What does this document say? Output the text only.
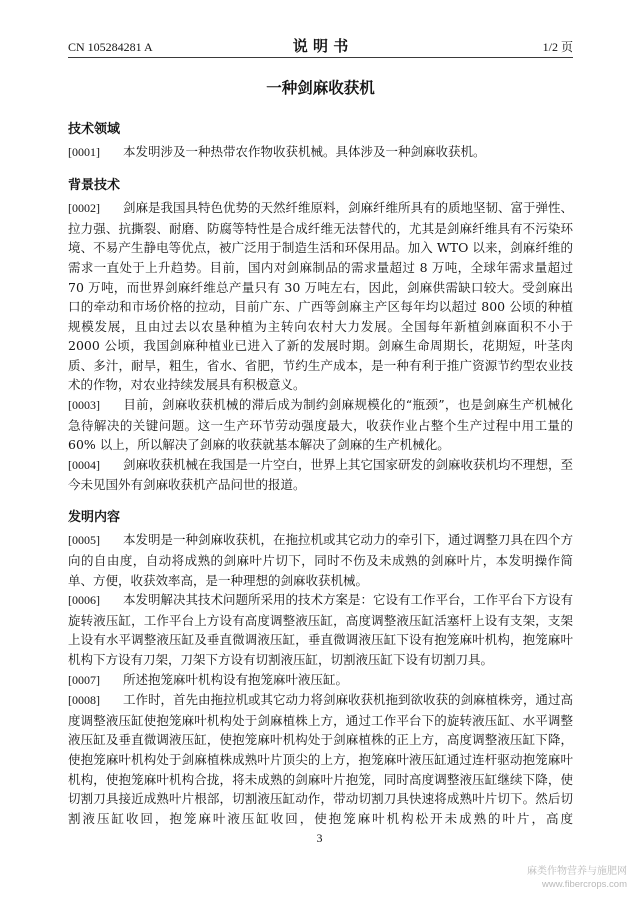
CN 105284281 A	说 明 书	1/2 页
一种剑麻收获机
技术领域

[0001] 本发明涉及一种热带农作物收获机械。具体涉及一种剑麻收获机。

背景技术

[0002] 剑麻是我国具特色优势的天然纤维原料，剑麻纤维所具有的质地坚韧、富于弹性、拉力强、抗撕裂、耐磨、防腐等特性是合成纤维无法替代的，尤其是剑麻纤维具有不污染环境、不易产生静电等优点，被广泛用于制造生活和环保用品。加入 WTO 以来，剑麻纤维的需求一直处于上升趋势。目前，国内对剑麻制品的需求量超过 8 万吨，全球年需求量超过 70 万吨，而世界剑麻纤维总产量只有 30 万吨左右，因此，剑麻供需缺口较大。受剑麻出口的牵动和市场价格的拉动，目前广东、广西等剑麻主产区每年均以超过 800 公顷的种植规模发展，且由过去以农垦种植为主转向农村大力发展。全国每年新植剑麻面积不小于 2000 公顷，我国剑麻种植业已进入了新的发展时期。剑麻生命周期长，花期短，叶茎肉质、多汁，耐旱，粗生，省水、省肥，节约生产成本，是一种有利于推广资源节约型农业技术的作物，对农业持续发展具有积极意义。

[0003] 目前，剑麻收获机械的滞后成为制约剑麻规模化的“瓶颈”，也是剑麻生产机械化急待解决的关键问题。这一生产环节劳动强度最大，收获作业占整个生产过程中用工量的 60% 以上，所以解决了剑麻的收获就基本解决了剑麻的生产机械化。

[0004] 剑麻收获机械在我国是一片空白，世界上其它国家研发的剑麻收获机均不理想，至今未见国外有剑麻收获机产品问世的报道。

发明内容

[0005] 本发明是一种剑麻收获机，在拖拉机或其它动力的牵引下，通过调整刀具在四个方向的自由度，自动将成熟的剑麻叶片切下，同时不伤及未成熟的剑麻叶片，本发明操作简单、方便，收获效率高，是一种理想的剑麻收获机械。

[0006] 本发明解决其技术问题所采用的技术方案是：它设有工作平台，工作平台下方设有旋转液压缸，工作平台上方设有高度调整液压缸，高度调整液压缸活塞杆上设有支架，支架上设有水平调整液压缸及垂直微调液压缸，垂直微调液压缸下设有抱笼麻叶机构，抱笼麻叶机构下方设有刀架，刀架下方设有切割液压缸，切割液压缸下设有切割刀具。

[0007] 所述抱笼麻叶机构设有抱笼麻叶液压缸。

[0008] 工作时，首先由拖拉机或其它动力将剑麻收获机拖到欲收获的剑麻植株旁，通过高度调整液压缸使抱笼麻叶机构处于剑麻植株上方，通过工作平台下的旋转液压缸、水平调整液压缸及垂直微调液压缸，使抱笼麻叶机构处于剑麻植株的正上方，高度调整液压缸下降，使抱笼麻叶机构处于剑麻植株成熟叶片顶尖的上方，抱笼麻叶液压缸通过连杆驱动抱笼麻叶机构，使抱笼麻叶机构合拢，将未成熟的剑麻叶片抱笼，同时高度调整液压缸继续下降，使切割刀具接近成熟叶片根部，切割液压缸动作，带动切割刀具快速将成熟叶片切下。然后切割液压缸收回，抱笼麻叶液压缸收回，使抱笼麻叶机构松开未成熟的叶片，高度

3
麻类作物营养与施肥网
www.fibercrops.com
